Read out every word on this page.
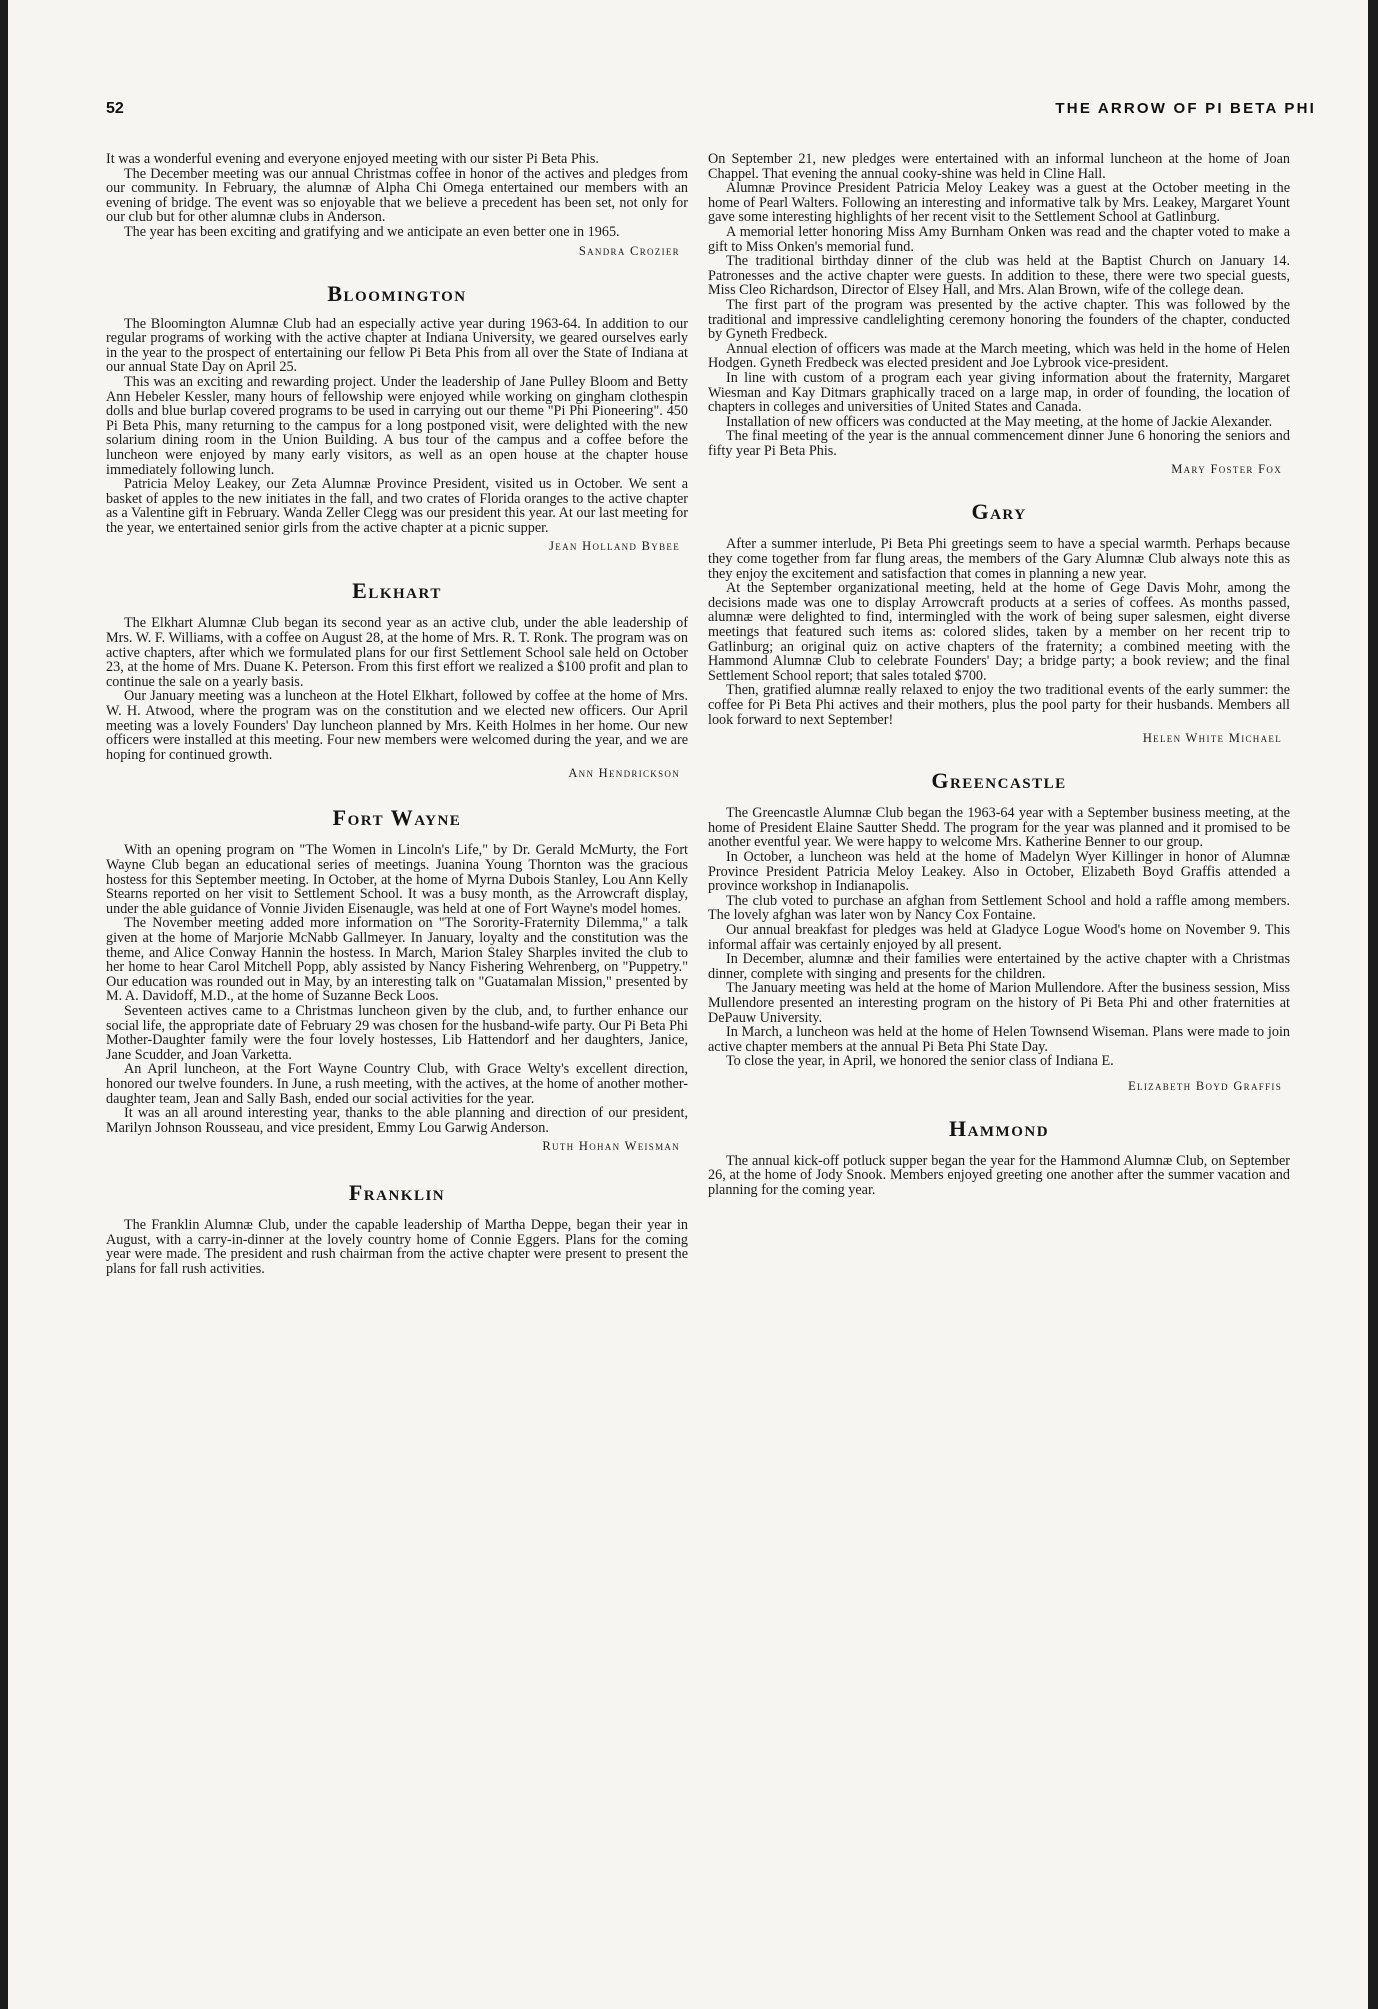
52	THE ARROW OF PI BETA PHI

It was a wonderful evening and everyone enjoyed meeting with our sister Pi Beta Phis.

The December meeting was our annual Christmas coffee in honor of the actives and pledges from our community. In February, the alumnæ of Alpha Chi Omega entertained our members with an evening of bridge. The event was so enjoyable that we believe a precedent has been set, not only for our club but for other alumnæ clubs in Anderson.

The year has been exciting and gratifying and we anticipate an even better one in 1965.

Sandra Crozier

Bloomington

The Bloomington Alumnæ Club had an especially active year during 1963-64. In addition to our regular programs of working with the active chapter at Indiana University, we geared ourselves early in the year to the prospect of entertaining our fellow Pi Beta Phis from all over the State of Indiana at our annual State Day on April 25.

This was an exciting and rewarding project. Under the leadership of Jane Pulley Bloom and Betty Ann Hebeler Kessler, many hours of fellowship were enjoyed while working on gingham clothespin dolls and blue burlap covered programs to be used in carrying out our theme "Pi Phi Pioneering". 450 Pi Beta Phis, many returning to the campus for a long postponed visit, were delighted with the new solarium dining room in the Union Building. A bus tour of the campus and a coffee before the luncheon were enjoyed by many early visitors, as well as an open house at the chapter house immediately following lunch.

Patricia Meloy Leakey, our Zeta Alumnæ Province President, visited us in October. We sent a basket of apples to the new initiates in the fall, and two crates of Florida oranges to the active chapter as a Valentine gift in February. Wanda Zeller Clegg was our president this year. At our last meeting for the year, we entertained senior girls from the active chapter at a picnic supper.

Jean Holland Bybee

Elkhart

The Elkhart Alumnæ Club began its second year as an active club, under the able leadership of Mrs. W. F. Williams, with a coffee on August 28, at the home of Mrs. R. T. Ronk. The program was on active chapters, after which we formulated plans for our first Settlement School sale held on October 23, at the home of Mrs. Duane K. Peterson. From this first effort we realized a $100 profit and plan to continue the sale on a yearly basis.

Our January meeting was a luncheon at the Hotel Elkhart, followed by coffee at the home of Mrs. W. H. Atwood, where the program was on the constitution and we elected new officers. Our April meeting was a lovely Founders' Day luncheon planned by Mrs. Keith Holmes in her home. Our new officers were installed at this meeting. Four new members were welcomed during the year, and we are hoping for continued growth.

Ann Hendrickson

Fort Wayne

With an opening program on "The Women in Lincoln's Life," by Dr. Gerald McMurty, the Fort Wayne Club began an educational series of meetings. Juanina Young Thornton was the gracious hostess for this September meeting. In October, at the home of Myrna Dubois Stanley, Lou Ann Kelly Stearns reported on her visit to Settlement School. It was a busy month, as the Arrowcraft display, under the able guidance of Vonnie Jividen Eisenaugle, was held at one of Fort Wayne's model homes.

The November meeting added more information on "The Sorority-Fraternity Dilemma," a talk given at the home of Marjorie McNabb Gallmeyer. In January, loyalty and the constitution was the theme, and Alice Conway Hannin the hostess. In March, Marion Staley Sharples invited the club to her home to hear Carol Mitchell Popp, ably assisted by Nancy Fishering Wehrenberg, on "Puppetry." Our education was rounded out in May, by an interesting talk on "Guatamalan Mission," presented by M. A. Davidoff, M.D., at the home of Suzanne Beck Loos.

Seventeen actives came to a Christmas luncheon given by the club, and, to further enhance our social life, the appropriate date of February 29 was chosen for the husband-wife party. Our Pi Beta Phi Mother-Daughter family were the four lovely hostesses, Lib Hattendorf and her daughters, Janice, Jane Scudder, and Joan Varketta.

An April luncheon, at the Fort Wayne Country Club, with Grace Welty's excellent direction, honored our twelve founders. In June, a rush meeting, with the actives, at the home of another mother-daughter team, Jean and Sally Bash, ended our social activities for the year.

It was an all around interesting year, thanks to the able planning and direction of our president, Marilyn Johnson Rousseau, and vice president, Emmy Lou Garwig Anderson.

Ruth Hohan Weisman

Franklin

The Franklin Alumnæ Club, under the capable leadership of Martha Deppe, began their year in August, with a carry-in-dinner at the lovely country home of Connie Eggers. Plans for the coming year were made. The president and rush chairman from the active chapter were present to present the plans for fall rush activities.

On September 21, new pledges were entertained with an informal luncheon at the home of Joan Chappel. That evening the annual cooky-shine was held in Cline Hall.

Alumnæ Province President Patricia Meloy Leakey was a guest at the October meeting in the home of Pearl Walters. Following an interesting and informative talk by Mrs. Leakey, Margaret Yount gave some interesting highlights of her recent visit to the Settlement School at Gatlinburg.

A memorial letter honoring Miss Amy Burnham Onken was read and the chapter voted to make a gift to Miss Onken's memorial fund.

The traditional birthday dinner of the club was held at the Baptist Church on January 14. Patronesses and the active chapter were guests. In addition to these, there were two special guests, Miss Cleo Richardson, Director of Elsey Hall, and Mrs. Alan Brown, wife of the college dean.

The first part of the program was presented by the active chapter. This was followed by the traditional and impressive candlelighting ceremony honoring the founders of the chapter, conducted by Gyneth Fredbeck.

Annual election of officers was made at the March meeting, which was held in the home of Helen Hodgen. Gyneth Fredbeck was elected president and Joe Lybrook vice-president.

In line with custom of a program each year giving information about the fraternity, Margaret Wiesman and Kay Ditmars graphically traced on a large map, in order of founding, the location of chapters in colleges and universities of United States and Canada.

Installation of new officers was conducted at the May meeting, at the home of Jackie Alexander.

The final meeting of the year is the annual commencement dinner June 6 honoring the seniors and fifty year Pi Beta Phis.

Mary Foster Fox

Gary

After a summer interlude, Pi Beta Phi greetings seem to have a special warmth. Perhaps because they come together from far flung areas, the members of the Gary Alumnæ Club always note this as they enjoy the excitement and satisfaction that comes in planning a new year.

At the September organizational meeting, held at the home of Gege Davis Mohr, among the decisions made was one to display Arrowcraft products at a series of coffees. As months passed, alumnæ were delighted to find, intermingled with the work of being super salesmen, eight diverse meetings that featured such items as: colored slides, taken by a member on her recent trip to Gatlinburg; an original quiz on active chapters of the fraternity; a combined meeting with the Hammond Alumnæ Club to celebrate Founders' Day; a bridge party; a book review; and the final Settlement School report; that sales totaled $700.

Then, gratified alumnæ really relaxed to enjoy the two traditional events of the early summer: the coffee for Pi Beta Phi actives and their mothers, plus the pool party for their husbands. Members all look forward to next September!

Helen White Michael

Greencastle

The Greencastle Alumnæ Club began the 1963-64 year with a September business meeting, at the home of President Elaine Sautter Shedd. The program for the year was planned and it promised to be another eventful year. We were happy to welcome Mrs. Katherine Benner to our group.

In October, a luncheon was held at the home of Madelyn Wyer Killinger in honor of Alumnæ Province President Patricia Meloy Leakey. Also in October, Elizabeth Boyd Graffis attended a province workshop in Indianapolis.

The club voted to purchase an afghan from Settlement School and hold a raffle among members. The lovely afghan was later won by Nancy Cox Fontaine.

Our annual breakfast for pledges was held at Gladyce Logue Wood's home on November 9. This informal affair was certainly enjoyed by all present.

In December, alumnæ and their families were entertained by the active chapter with a Christmas dinner, complete with singing and presents for the children.

The January meeting was held at the home of Marion Mullendore. After the business session, Miss Mullendore presented an interesting program on the history of Pi Beta Phi and other fraternities at DePauw University.

In March, a luncheon was held at the home of Helen Townsend Wiseman. Plans were made to join active chapter members at the annual Pi Beta Phi State Day.

To close the year, in April, we honored the senior class of Indiana E.

Elizabeth Boyd Graffis

Hammond

The annual kick-off potluck supper began the year for the Hammond Alumnæ Club, on September 26, at the home of Jody Snook. Members enjoyed greeting one another after the summer vacation and planning for the coming year.
